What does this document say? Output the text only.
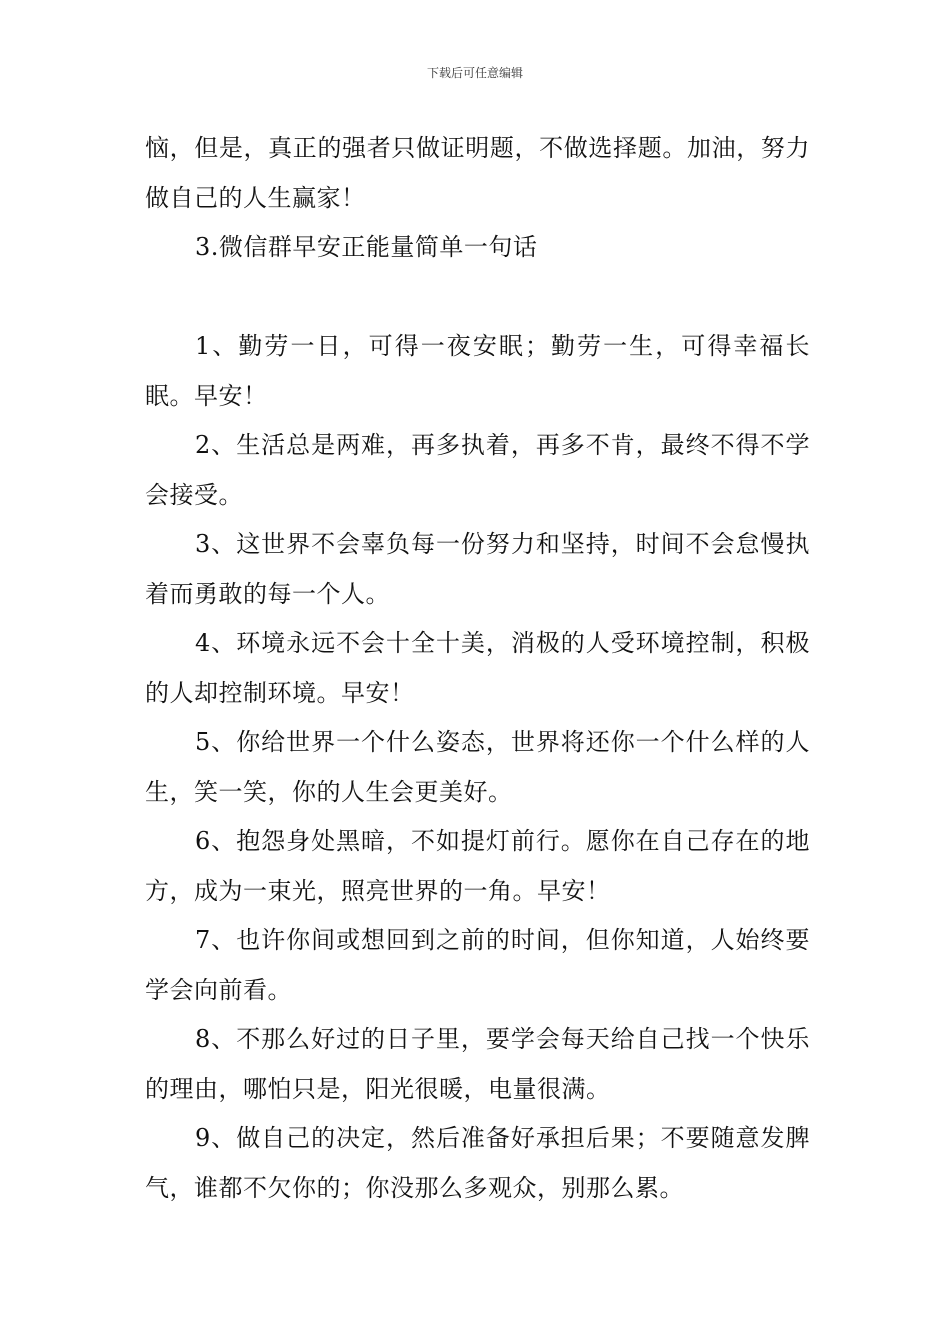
下载后可任意编辑

恼，但是，真正的强者只做证明题，不做选择题。加油，努力做自己的人生赢家！

3.微信群早安正能量简单一句话

1、勤劳一日，可得一夜安眠；勤劳一生，可得幸福长眠。早安！

2、生活总是两难，再多执着，再多不肯，最终不得不学会接受。

3、这世界不会辜负每一份努力和坚持，时间不会怠慢执着而勇敢的每一个人。

4、环境永远不会十全十美，消极的人受环境控制，积极的人却控制环境。早安！

5、你给世界一个什么姿态，世界将还你一个什么样的人生，笑一笑，你的人生会更美好。

6、抱怨身处黑暗，不如提灯前行。愿你在自己存在的地方，成为一束光，照亮世界的一角。早安！

7、也许你间或想回到之前的时间，但你知道，人始终要学会向前看。

8、不那么好过的日子里，要学会每天给自己找一个快乐的理由，哪怕只是，阳光很暖，电量很满。

9、做自己的决定，然后准备好承担后果；不要随意发脾气，谁都不欠你的；你没那么多观众，别那么累。
